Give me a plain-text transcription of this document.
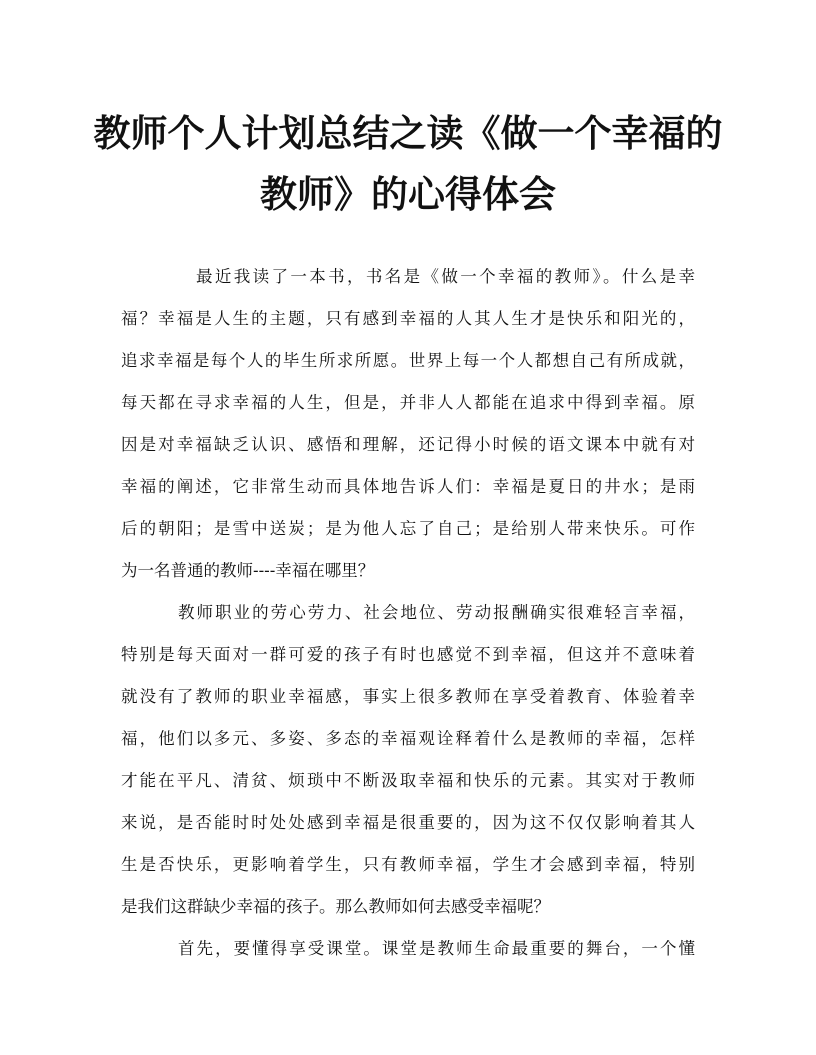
教师个人计划总结之读《做一个幸福的
教师》的心得体会
最近我读了一本书，书名是《做一个幸福的教师》。什么是幸
福？幸福是人生的主题，只有感到幸福的人其人生才是快乐和阳光的，
追求幸福是每个人的毕生所求所愿。世界上每一个人都想自己有所成就，
每天都在寻求幸福的人生，但是，并非人人都能在追求中得到幸福。原
因是对幸福缺乏认识、感悟和理解，还记得小时候的语文课本中就有对
幸福的阐述，它非常生动而具体地告诉人们：幸福是夏日的井水；是雨
后的朝阳；是雪中送炭；是为他人忘了自己；是给别人带来快乐。可作
为一名普通的教师----幸福在哪里？
教师职业的劳心劳力、社会地位、劳动报酬确实很难轻言幸福，
特别是每天面对一群可爱的孩子有时也感觉不到幸福，但这并不意味着
就没有了教师的职业幸福感，事实上很多教师在享受着教育、体验着幸
福，他们以多元、多姿、多态的幸福观诠释着什么是教师的幸福，怎样
才能在平凡、清贫、烦琐中不断汲取幸福和快乐的元素。其实对于教师
来说，是否能时时处处感到幸福是很重要的，因为这不仅仅影响着其人
生是否快乐，更影响着学生，只有教师幸福，学生才会感到幸福，特别
是我们这群缺少幸福的孩子。那么教师如何去感受幸福呢？
首先，要懂得享受课堂。课堂是教师生命最重要的舞台，一个懂
